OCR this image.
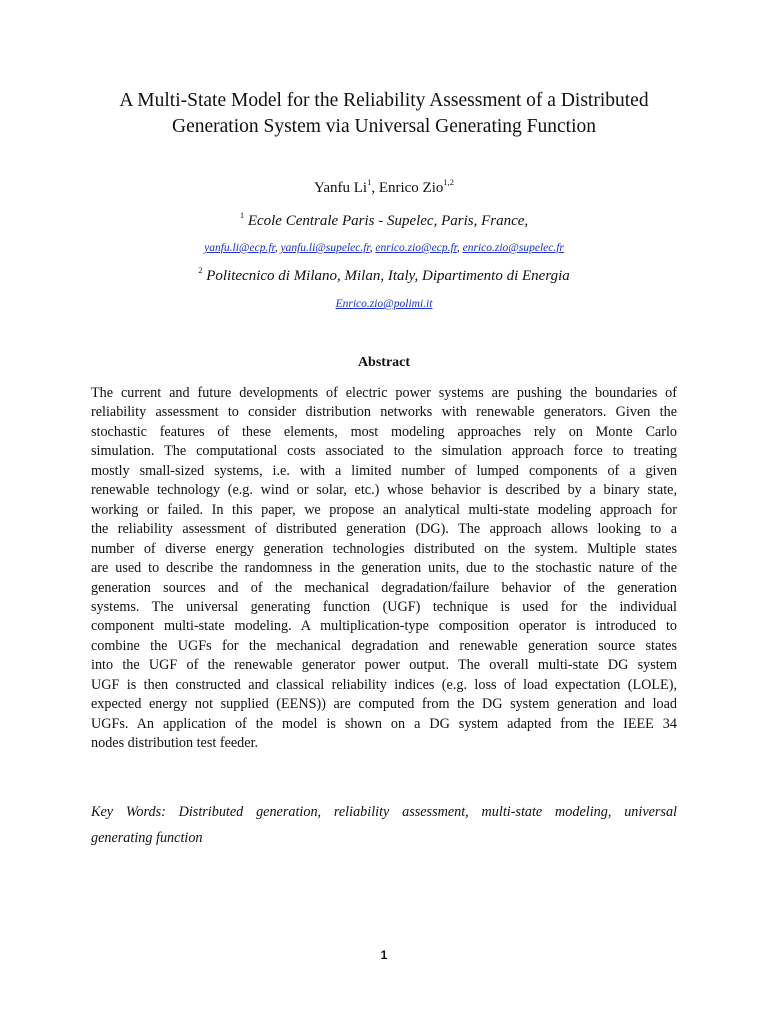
A Multi-State Model for the Reliability Assessment of a Distributed
Generation System via Universal Generating Function
Yanfu Li$^1$, Enrico Zio$^{1,2}$
$^1$ Ecole Centrale Paris - Supelec, Paris, France,
yanfu.li@ecp.fr, yanfu.li@supelec.fr, enrico.zio@ecp.fr, enrico.zio@supelec.fr
$^2$ Politecnico di Milano, Milan, Italy, Dipartimento di Energia
Enrico.zio@polimi.it
Abstract

The current and future developments of electric power systems are pushing the boundaries of
reliability assessment to consider distribution networks with renewable generators. Given the
stochastic features of these elements, most modeling approaches rely on Monte Carlo
simulation. The computational costs associated to the simulation approach force to treating
mostly small-sized systems, i.e. with a limited number of lumped components of a given
renewable technology (e.g. wind or solar, etc.) whose behavior is described by a binary state,
working or failed. In this paper, we propose an analytical multi-state modeling approach for
the reliability assessment of distributed generation (DG). The approach allows looking to a
number of diverse energy generation technologies distributed on the system. Multiple states
are used to describe the randomness in the generation units, due to the stochastic nature of the
generation sources and of the mechanical degradation/failure behavior of the generation
systems. The universal generating function (UGF) technique is used for the individual
component multi-state modeling. A multiplication-type composition operator is introduced to
combine the UGFs for the mechanical degradation and renewable generation source states
into the UGF of the renewable generator power output. The overall multi-state DG system
UGF is then constructed and classical reliability indices (e.g. loss of load expectation (LOLE),
expected energy not supplied (EENS)) are computed from the DG system generation and load
UGFs. An application of the model is shown on a DG system adapted from the IEEE 34
nodes distribution test feeder.

Key Words: Distributed generation, reliability assessment, multi-state modeling, universal
generating function

1
